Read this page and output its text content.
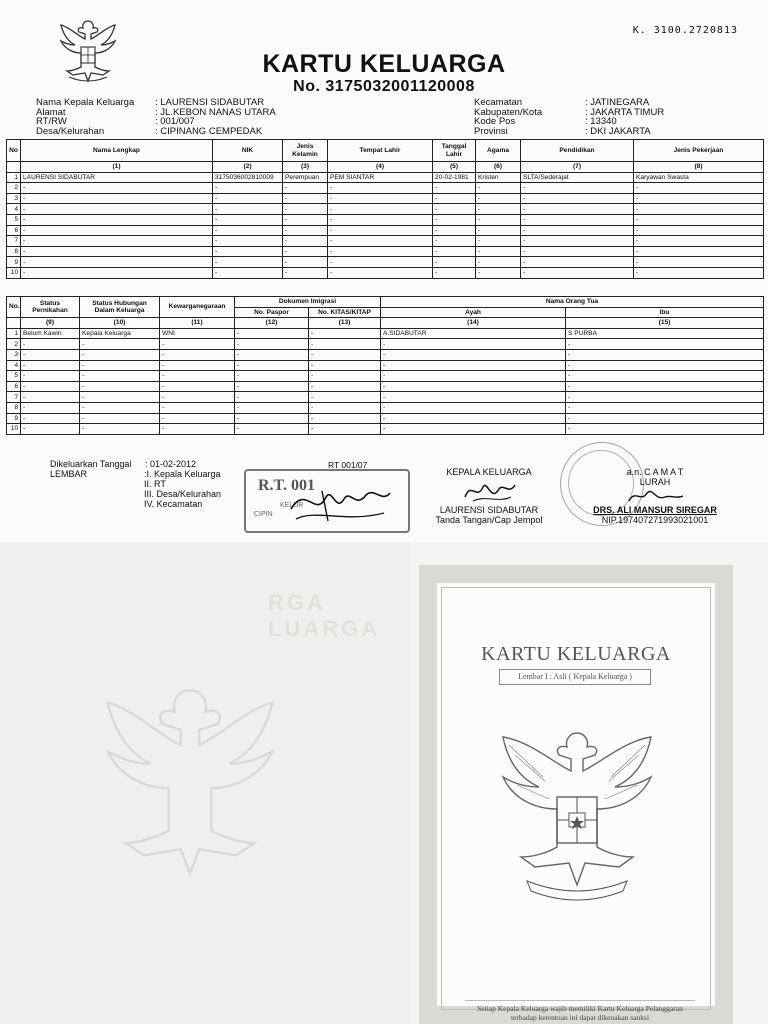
K. 3100.2720813
KARTU KELUARGA
No. 3175032001120008
Nama Kepala Keluarga	: LAURENSI SIDABUTAR
Alamat	: JL.KEBON NANAS UTARA
RT/RW	: 001/007
Desa/Kelurahan	: CIPINANG CEMPEDAK
Kecamatan	: JATINEGARA
Kabupaten/Kota	: JAKARTA TIMUR
Kode Pos	: 13340
Provinsi	: DKI JAKARTA
No	Nama Lengkap	NIK	Jenis Kelamin	Tempat Lahir	Tanggal Lahir	Agama	Pendidikan	Jenis Pekerjaan
	(1)	(2)	(3)	(4)	(5)	(6)	(7)	(8)
1	LAURENSI SIDABUTAR	3175036002810009	Perempuan	PEM SIANTAR	20-02-1981	Kristen	SLTA/Sederajat	Karyawan Swasta
2	-	-	-	-	-	-	-	-
3	-	-	-	-	-	-	-	-
4	-	-	-	-	-	-	-	-
5	-	-	-	-	-	-	-	-
6	-	-	-	-	-	-	-	-
7	-	-	-	-	-	-	-	-
8	-	-	-	-	-	-	-	-
9	-	-	-	-	-	-	-	-
10	-	-	-	-	-	-	-	-
No.	Status Pernikahan	Status Hubungan Dalam Keluarga	Kewarganegaraan	Dokumen Imigrasi		Nama Orang Tua	
				No. Paspor	No. KITAS/KITAP	Ayah	Ibu
	(9)	(10)	(11)	(12)	(13)	(14)	(15)
1	Belum Kawin	Kepala Keluarga	WNI	-	-	A.SIDABUTAR	S PURBA
2	-	-	-	-	-	-	-
3	-	-	-	-	-	-	-
4	-	-	-	-	-	-	-
5	-	-	-	-	-	-	-
6	-	-	-	-	-	-	-
7	-	-	-	-	-	-	-
8	-	-	-	-	-	-	-
9	-	-	-	-	-	-	-
10	-	-	-	-	-	-	-
Dikeluarkan Tanggal	: 01-02-2012
LEMBAR	:I. Kepala Keluarga
II. RT
III. Desa/Kelurahan
IV. Kecamatan
RT 001/07
R.T. 001
KELUR
CIPIN
KEPALA KELUARGA
LAURENSI SIDABUTAR
Tanda Tangan/Cap Jempol
a.n. C A M A T
LURAH
DRS. ALI MANSUR SIREGAR
NIP.197407271993021001
RGA LUARGA
KARTU KELUARGA
Lembar I : Asli ( Kepala Keluarga )
Setiap Kepala Keluarga wajib memiliki Kartu Keluarga Pelanggaran terhadap ketentuan ini dapat dikenakan sanksi
